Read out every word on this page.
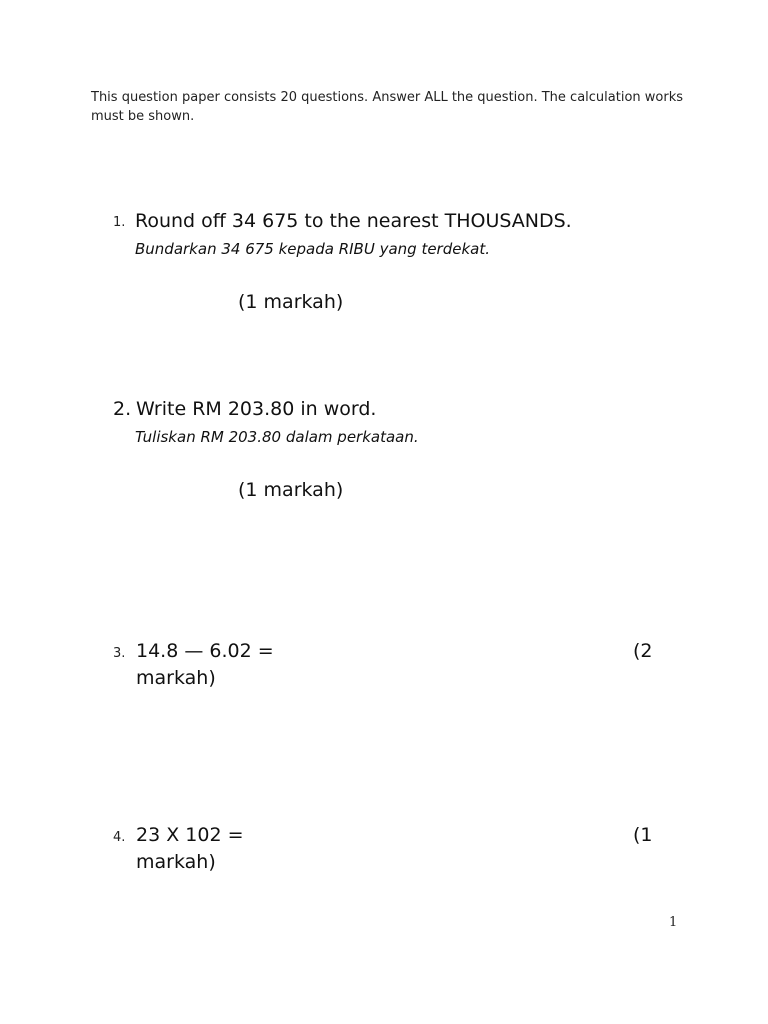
This question paper consists 20 questions. Answer ALL the question. The calculation works must be shown.
1. Round off 34 675 to the nearest THOUSANDS.
Bundarkan 34 675 kepada RIBU yang terdekat.
(1 markah)
2. Write RM 203.80 in word.
Tuliskan RM 203.80 dalam perkataan.
(1 markah)
3. 14.8 — 6.02 =	(2
markah)
4. 23 X 102 =	(1
markah)
1
